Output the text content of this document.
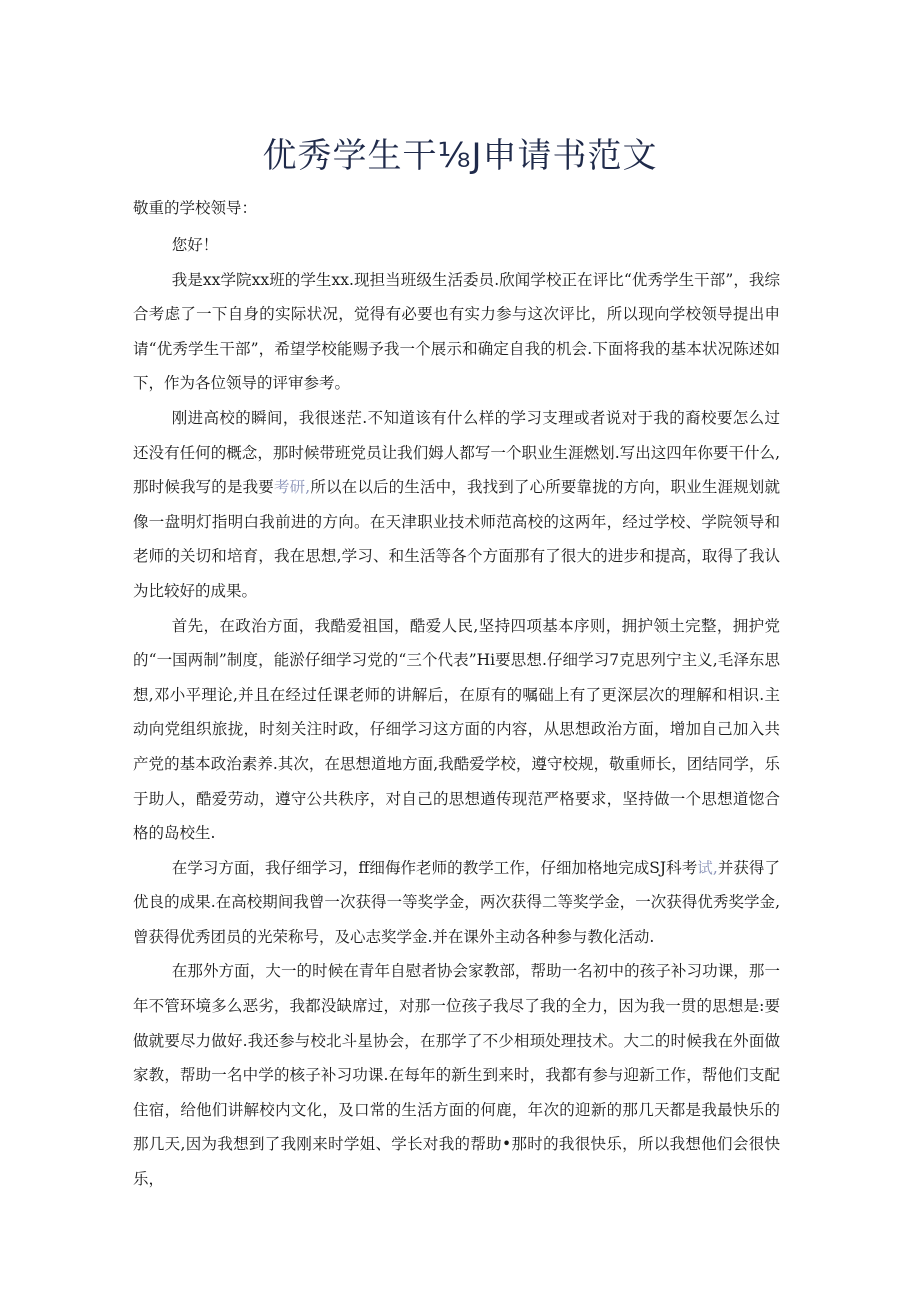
优秀学生干⅛J申请书范文

敬重的学校领导：

您好！

我是xx学院xx班的学生xx.现担当班级生活委员.欣闻学校正在评比“优秀学生干部”，我综合考虑了一下自身的实际状况，觉得有必要也有实力参与这次评比，所以现向学校领导提出申请“优秀学生干部”，希望学校能赐予我一个展示和确定自我的机会.下面将我的基本状况陈述如下，作为各位领导的评审参考。

刚进高校的瞬间，我很迷茫.不知道该有什么样的学习支理或者说对于我的裔校要怎么过还没有任何的概念，那时候带班党员让我们姆人都写一个职业生涯燃划.写出这四年你要干什么,那时候我写的是我要考研,所以在以后的生活中，我找到了心所要靠拢的方向，职业生涯规划就像一盘明灯指明白我前进的方向。在天津职业技术师范高校的这两年，经过学校、学院领导和老师的关切和培育，我在思想,学习、和生活等各个方面那有了很大的进步和提高，取得了我认为比较好的成果。

首先，在政治方面，我酷爱祖国，酷爱人民,坚持四项基本序则，拥护领土完整，拥护党的“一国两制”制度，能淤仔细学习党的“三个代表”Hi要思想.仔细学习7克思列宁主义,毛泽东思想,邓小平理论,并且在经过任课老师的讲解后，在原有的嘱础上有了更深层次的理解和相识.主动向党组织旅拢，时刻关注时政，仔细学习这方面的内容，从思想政治方面，增加自己加入共产党的基本政治素养.其次，在思想道地方面,我酷爱学校，遵守校规，敬重师长，团结同学，乐于助人，酷爱劳动，遵守公共秩序，对自己的思想遒传现范严格要求，坚持做一个思想道惚合格的岛校生.

在学习方面，我仔细学习，ff细侮作老师的教学工作，仔细加格地完成SJ科考试,并获得了优良的成果.在高校期间我曾一次获得一等奖学金，两次获得二等奖学金，一次获得优秀奖学金,曾获得优秀团员的光荣称号，及心志奖学金.并在课外主动各种参与教化活动.

在那外方面，大一的时候在青年自慰者协会家教部，帮助一名初中的孩子补习功课，那一年不管环境多么恶劣，我都没缺席过，对那一位孩子我尽了我的全力，因为我一贯的思想是:要做就要尽力做好.我还参与校北斗星协会，在那学了不少相顼处理技术。大二的时候我在外面做家教，帮助一名中学的核子补习功课.在每年的新生到来时，我都有参与迎新工作，帮他们支配住宿，给他们讲解校内文化，及口常的生活方面的何鹿，年次的迎新的那几天都是我最快乐的那几天,因为我想到了我刚来时学姐、学长对我的帮助•那时的我很快乐，所以我想他们会很快乐，
